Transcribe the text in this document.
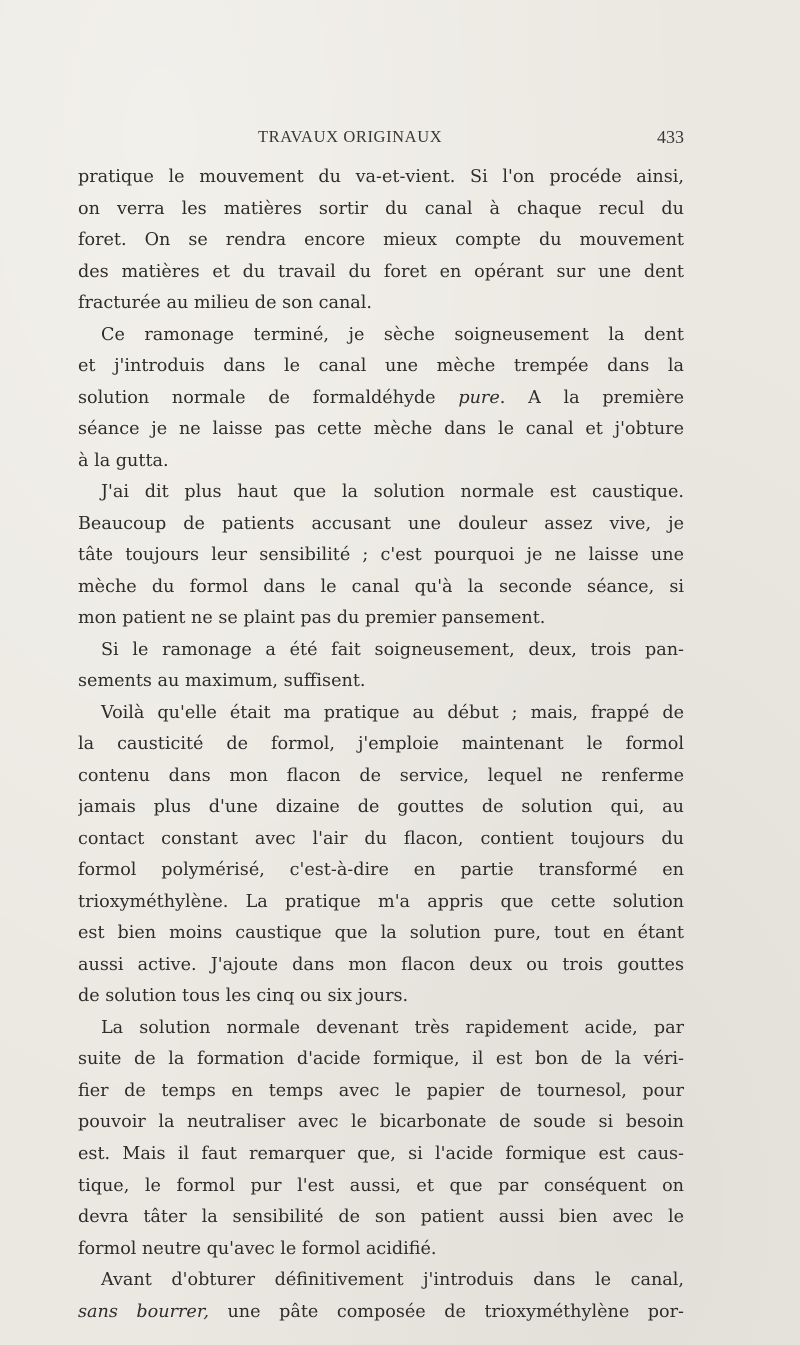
TRAVAUX ORIGINAUX	433
pratique le mouvement du va-et-vient. Si l'on procéde ainsi,
on verra les matières sortir du canal à chaque recul du
foret. On se rendra encore mieux compte du mouvement
des matières et du travail du foret en opérant sur une dent
fracturée au milieu de son canal.
Ce ramonage terminé, je sèche soigneusement la dent
et j'introduis dans le canal une mèche trempée dans la
solution normale de formaldéhyde pure. A la première
séance je ne laisse pas cette mèche dans le canal et j'obture
à la gutta.
J'ai dit plus haut que la solution normale est caustique.
Beaucoup de patients accusant une douleur assez vive, je
tâte toujours leur sensibilité ; c'est pourquoi je ne laisse une
mèche du formol dans le canal qu'à la seconde séance, si
mon patient ne se plaint pas du premier pansement.
Si le ramonage a été fait soigneusement, deux, trois pan-
sements au maximum, suffisent.
Voilà qu'elle était ma pratique au début ; mais, frappé de
la causticité de formol, j'emploie maintenant le formol
contenu dans mon flacon de service, lequel ne renferme
jamais plus d'une dizaine de gouttes de solution qui, au
contact constant avec l'air du flacon, contient toujours du
formol polymérisé, c'est-à-dire en partie transformé en
trioxyméthylène. La pratique m'a appris que cette solution
est bien moins caustique que la solution pure, tout en étant
aussi active. J'ajoute dans mon flacon deux ou trois gouttes
de solution tous les cinq ou six jours.
La solution normale devenant très rapidement acide, par
suite de la formation d'acide formique, il est bon de la véri-
fier de temps en temps avec le papier de tournesol, pour
pouvoir la neutraliser avec le bicarbonate de soude si besoin
est. Mais il faut remarquer que, si l'acide formique est caus-
tique, le formol pur l'est aussi, et que par conséquent on
devra tâter la sensibilité de son patient aussi bien avec le
formol neutre qu'avec le formol acidifié.
Avant d'obturer définitivement j'introduis dans le canal,
sans bourrer, une pâte composée de trioxyméthylène por-
